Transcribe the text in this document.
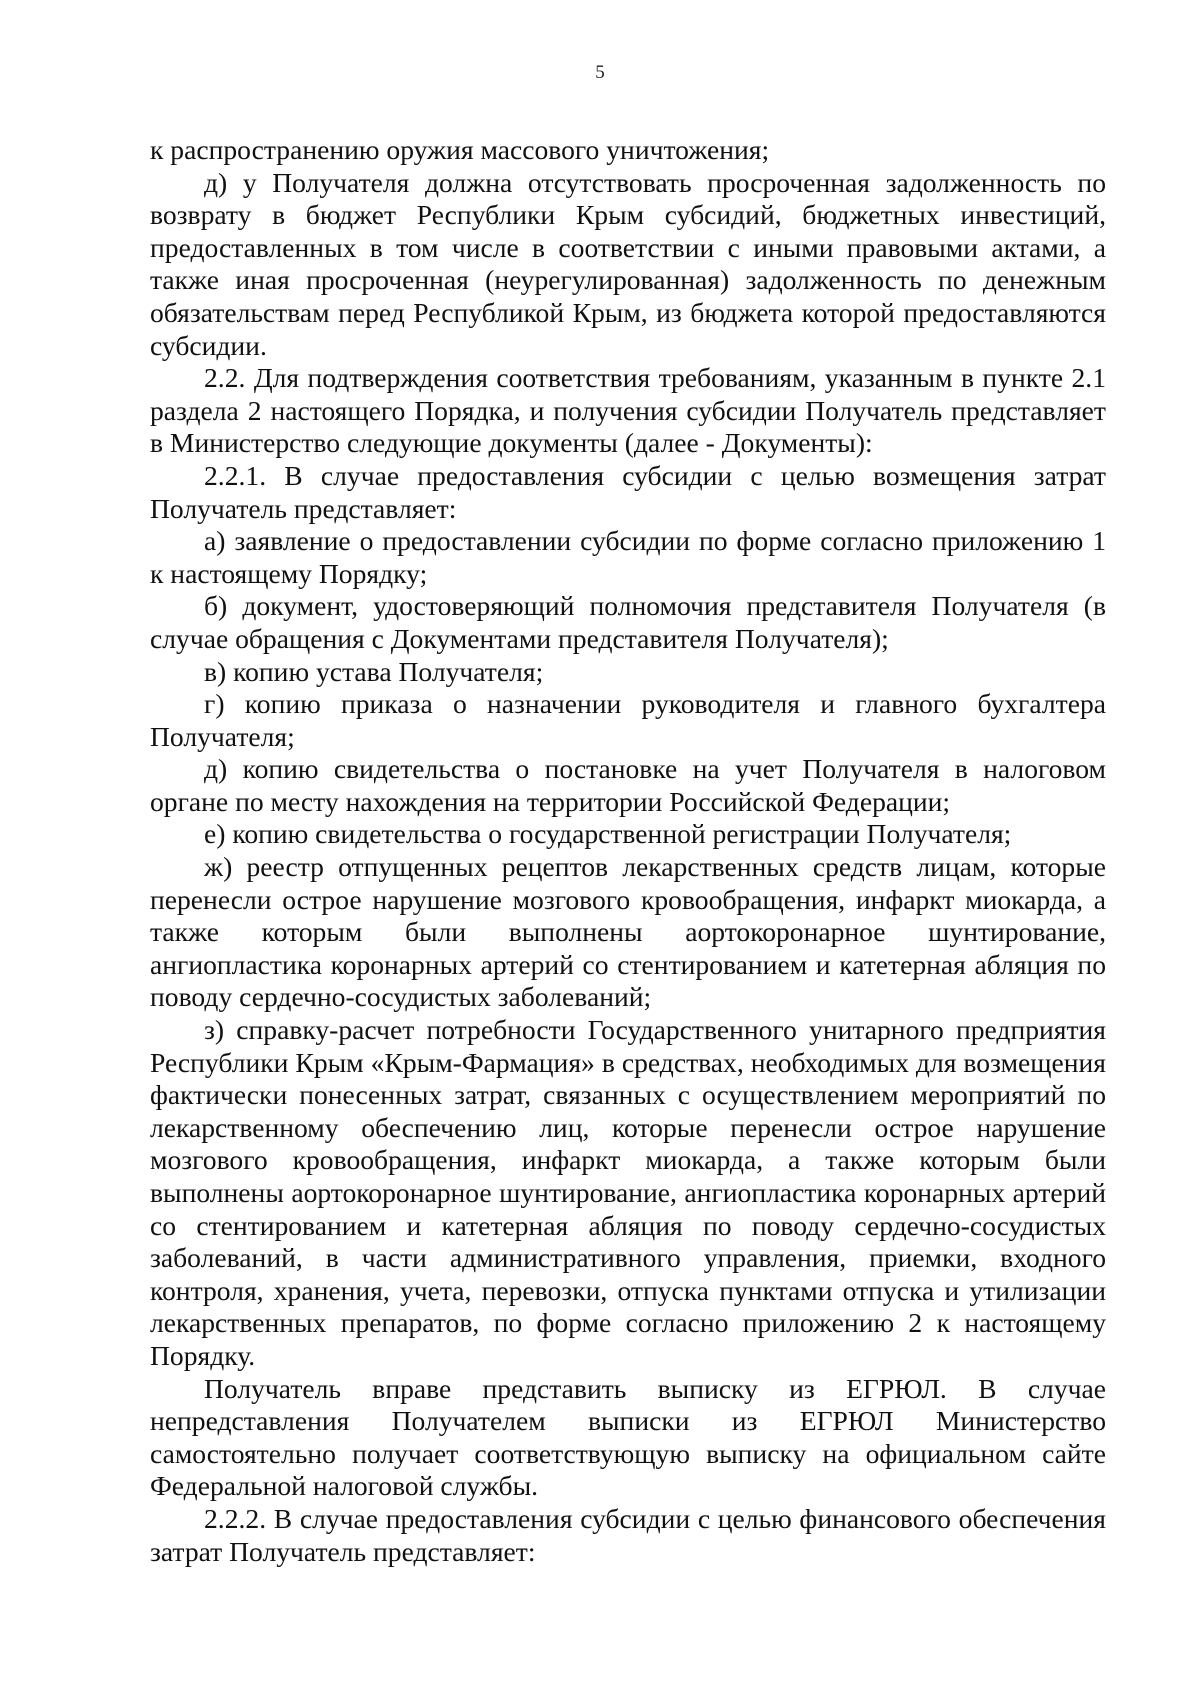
5

к распространению оружия массового уничтожения;

д) у Получателя должна отсутствовать просроченная задолженность по возврату в бюджет Республики Крым субсидий, бюджетных инвестиций, предоставленных в том числе в соответствии с иными правовыми актами, а также иная просроченная (неурегулированная) задолженность по денежным обязательствам перед Республикой Крым, из бюджета которой предоставляются субсидии.

2.2. Для подтверждения соответствия требованиям, указанным в пункте 2.1 раздела 2 настоящего Порядка, и получения субсидии Получатель представляет в Министерство следующие документы (далее - Документы):

2.2.1. В случае предоставления субсидии с целью возмещения затрат Получатель представляет:

а) заявление о предоставлении субсидии по форме согласно приложению 1 к настоящему Порядку;

б) документ, удостоверяющий полномочия представителя Получателя (в случае обращения с Документами представителя Получателя);

в) копию устава Получателя;

г) копию приказа о назначении руководителя и главного бухгалтера Получателя;

д) копию свидетельства о постановке на учет Получателя в налоговом органе по месту нахождения на территории Российской Федерации;

е) копию свидетельства о государственной регистрации Получателя;

ж) реестр отпущенных рецептов лекарственных средств лицам, которые перенесли острое нарушение мозгового кровообращения, инфаркт миокарда, а также которым были выполнены аортокоронарное шунтирование, ангиопластика коронарных артерий со стентированием и катетерная абляция по поводу сердечно-сосудистых заболеваний;

з) справку-расчет потребности Государственного унитарного предприятия Республики Крым «Крым-Фармация» в средствах, необходимых для возмещения фактически понесенных затрат, связанных с осуществлением мероприятий по лекарственному обеспечению лиц, которые перенесли острое нарушение мозгового кровообращения, инфаркт миокарда, а также которым были выполнены аортокоронарное шунтирование, ангиопластика коронарных артерий со стентированием и катетерная абляция по поводу сердечно-сосудистых заболеваний, в части административного управления, приемки, входного контроля, хранения, учета, перевозки, отпуска пунктами отпуска и утилизации лекарственных препаратов, по форме согласно приложению 2 к настоящему Порядку.

Получатель вправе представить выписку из ЕГРЮЛ. В случае непредставления Получателем выписки из ЕГРЮЛ Министерство самостоятельно получает соответствующую выписку на официальном сайте Федеральной налоговой службы.

2.2.2. В случае предоставления субсидии с целью финансового обеспечения затрат Получатель представляет:
